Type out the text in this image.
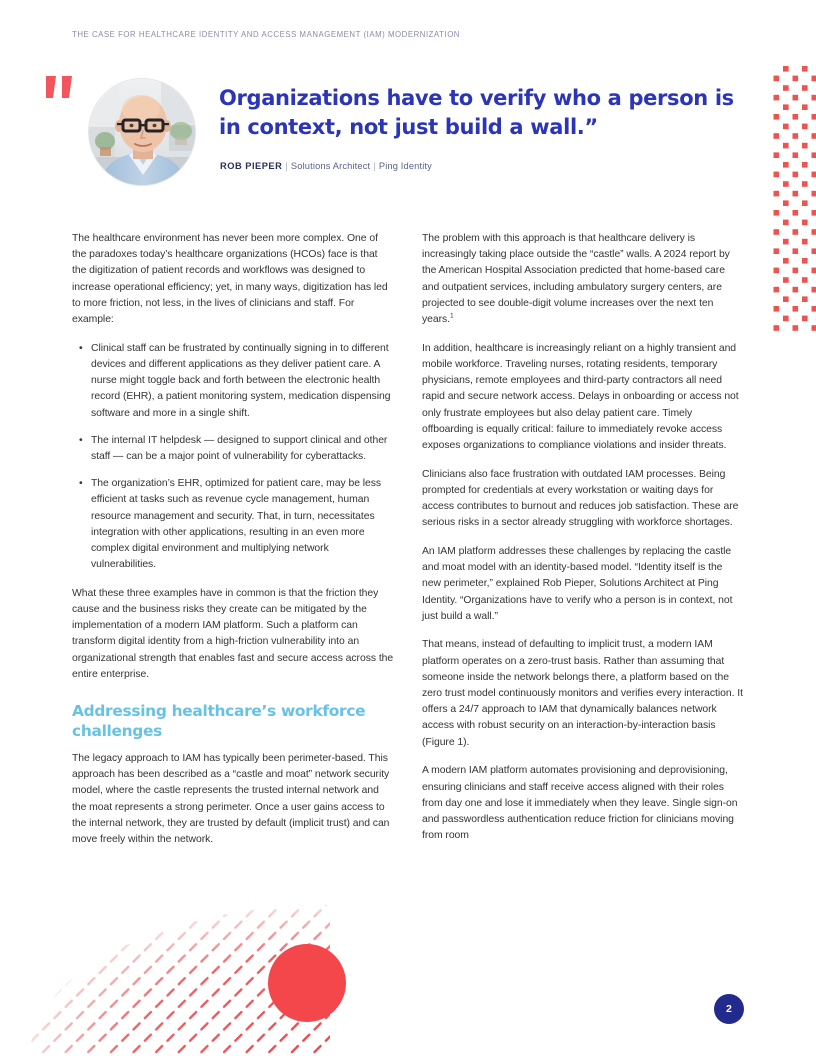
THE CASE FOR HEALTHCARE IDENTITY AND ACCESS MANAGEMENT (IAM) MODERNIZATION
Organizations have to verify who a person is in context, not just build a wall.”
ROB PIEPER | Solutions Architect | Ping Identity

The healthcare environment has never been more complex. One of the paradoxes today’s healthcare organizations (HCOs) face is that the digitization of patient records and workflows was designed to increase operational efficiency; yet, in many ways, digitization has led to more friction, not less, in the lives of clinicians and staff. For example:

• Clinical staff can be frustrated by continually signing in to different devices and different applications as they deliver patient care. A nurse might toggle back and forth between the electronic health record (EHR), a patient monitoring system, medication dispensing software and more in a single shift.
• The internal IT helpdesk — designed to support clinical and other staff — can be a major point of vulnerability for cyberattacks.
• The organization’s EHR, optimized for patient care, may be less efficient at tasks such as revenue cycle management, human resource management and security. That, in turn, necessitates integration with other applications, resulting in an even more complex digital environment and multiplying network vulnerabilities.

What these three examples have in common is that the friction they cause and the business risks they create can be mitigated by the implementation of a modern IAM platform. Such a platform can transform digital identity from a high-friction vulnerability into an organizational strength that enables fast and secure access across the entire enterprise.

Addressing healthcare’s workforce challenges

The legacy approach to IAM has typically been perimeter-based. This approach has been described as a “castle and moat” network security model, where the castle represents the trusted internal network and the moat represents a strong perimeter. Once a user gains access to the internal network, they are trusted by default (implicit trust) and can move freely within the network.

The problem with this approach is that healthcare delivery is increasingly taking place outside the “castle” walls. A 2024 report by the American Hospital Association predicted that home-based care and outpatient services, including ambulatory surgery centers, are projected to see double-digit volume increases over the next ten years.$^1$

In addition, healthcare is increasingly reliant on a highly transient and mobile workforce. Traveling nurses, rotating residents, temporary physicians, remote employees and third-party contractors all need rapid and secure network access. Delays in onboarding or access not only frustrate employees but also delay patient care. Timely offboarding is equally critical: failure to immediately revoke access exposes organizations to compliance violations and insider threats.

Clinicians also face frustration with outdated IAM processes. Being prompted for credentials at every workstation or waiting days for access contributes to burnout and reduces job satisfaction. These are serious risks in a sector already struggling with workforce shortages.

An IAM platform addresses these challenges by replacing the castle and moat model with an identity-based model. “Identity itself is the new perimeter,” explained Rob Pieper, Solutions Architect at Ping Identity. “Organizations have to verify who a person is in context, not just build a wall.”

That means, instead of defaulting to implicit trust, a modern IAM platform operates on a zero-trust basis. Rather than assuming that someone inside the network belongs there, a platform based on the zero trust model continuously monitors and verifies every interaction. It offers a 24/7 approach to IAM that dynamically balances network access with robust security on an interaction-by-interaction basis (Figure 1).

A modern IAM platform automates provisioning and deprovisioning, ensuring clinicians and staff receive access aligned with their roles from day one and lose it immediately when they leave. Single sign-on and passwordless authentication reduce friction for clinicians moving from room

2
